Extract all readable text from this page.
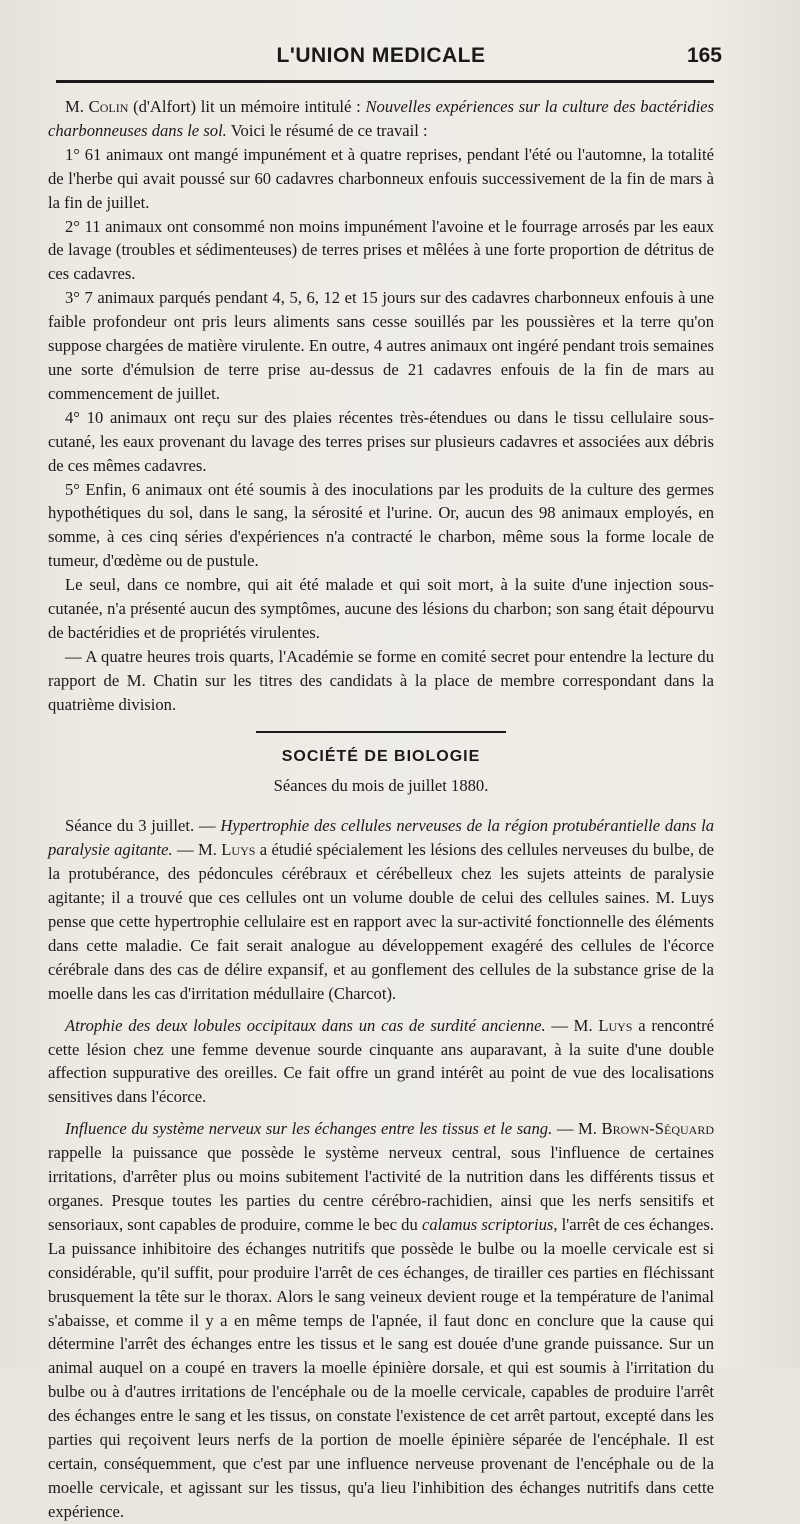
L'UNION MEDICALE	165

M. Colin (d'Alfort) lit un mémoire intitulé : Nouvelles expériences sur la culture des bactéridies charbonneuses dans le sol. Voici le résumé de ce travail :

1° 61 animaux ont mangé impunément et à quatre reprises, pendant l'été ou l'automne, la totalité de l'herbe qui avait poussé sur 60 cadavres charbonneux enfouis successivement de la fin de mars à la fin de juillet.

2° 11 animaux ont consommé non moins impunément l'avoine et le fourrage arrosés par les eaux de lavage (troubles et sédimenteuses) de terres prises et mêlées à une forte proportion de détritus de ces cadavres.

3° 7 animaux parqués pendant 4, 5, 6, 12 et 15 jours sur des cadavres charbonneux enfouis à une faible profondeur ont pris leurs aliments sans cesse souillés par les poussières et la terre qu'on suppose chargées de matière virulente. En outre, 4 autres animaux ont ingéré pendant trois semaines une sorte d'émulsion de terre prise au-dessus de 21 cadavres enfouis de la fin de mars au commencement de juillet.

4° 10 animaux ont reçu sur des plaies récentes très-étendues ou dans le tissu cellulaire sous-cutané, les eaux provenant du lavage des terres prises sur plusieurs cadavres et associées aux débris de ces mêmes cadavres.

5° Enfin, 6 animaux ont été soumis à des inoculations par les produits de la culture des germes hypothétiques du sol, dans le sang, la sérosité et l'urine. Or, aucun des 98 animaux employés, en somme, à ces cinq séries d'expériences n'a contracté le charbon, même sous la forme locale de tumeur, d'œdème ou de pustule.

Le seul, dans ce nombre, qui ait été malade et qui soit mort, à la suite d'une injection sous-cutanée, n'a présenté aucun des symptômes, aucune des lésions du charbon; son sang était dépourvu de bactéridies et de propriétés virulentes.

— A quatre heures trois quarts, l'Académie se forme en comité secret pour entendre la lecture du rapport de M. Chatin sur les titres des candidats à la place de membre correspondant dans la quatrième division.

SOCIÉTÉ DE BIOLOGIE
Séances du mois de juillet 1880.

Séance du 3 juillet. — Hypertrophie des cellules nerveuses de la région protubérantielle dans la paralysie agitante. — M. Luys a étudié spécialement les lésions des cellules nerveuses du bulbe, de la protubérance, des pédoncules cérébraux et cérébelleux chez les sujets atteints de paralysie agitante; il a trouvé que ces cellules ont un volume double de celui des cellules saines. M. Luys pense que cette hypertrophie cellulaire est en rapport avec la sur-activité fonctionnelle des éléments dans cette maladie. Ce fait serait analogue au développement exagéré des cellules de l'écorce cérébrale dans des cas de délire expansif, et au gonflement des cellules de la substance grise de la moelle dans les cas d'irritation médullaire (Charcot).

Atrophie des deux lobules occipitaux dans un cas de surdité ancienne. — M. Luys a rencontré cette lésion chez une femme devenue sourde cinquante ans auparavant, à la suite d'une double affection suppurative des oreilles. Ce fait offre un grand intérêt au point de vue des localisations sensitives dans l'écorce.

Influence du système nerveux sur les échanges entre les tissus et le sang. — M. Brown-Séquard rappelle la puissance que possède le système nerveux central, sous l'influence de certaines irritations, d'arrêter plus ou moins subitement l'activité de la nutrition dans les différents tissus et organes. Presque toutes les parties du centre cérébro-rachidien, ainsi que les nerfs sensitifs et sensoriaux, sont capables de produire, comme le bec du calamus scriptorius, l'arrêt de ces échanges. La puissance inhibitoire des échanges nutritifs que possède le bulbe ou la moelle cervicale est si considérable, qu'il suffit, pour produire l'arrêt de ces échanges, de tirailler ces parties en fléchissant brusquement la tête sur le thorax. Alors le sang veineux devient rouge et la température de l'animal s'abaisse, et comme il y a en même temps de l'apnée, il faut donc en conclure que la cause qui détermine l'arrêt des échanges entre les tissus et le sang est douée d'une grande puissance. Sur un animal auquel on a coupé en travers la moelle épinière dorsale, et qui est soumis à l'irritation du bulbe ou à d'autres irritations de l'encéphale ou de la moelle cervicale, capables de produire l'arrêt des échanges entre le sang et les tissus, on constate l'existence de cet arrêt partout, excepté dans les parties qui reçoivent leurs nerfs de la portion de moelle épinière séparée de l'encéphale. Il est certain, conséquemment, que c'est par une influence nerveuse provenant de l'encéphale ou de la moelle cervicale, et agissant sur les tissus, qu'a lieu l'inhibition des échanges nutritifs dans cette expérience.
